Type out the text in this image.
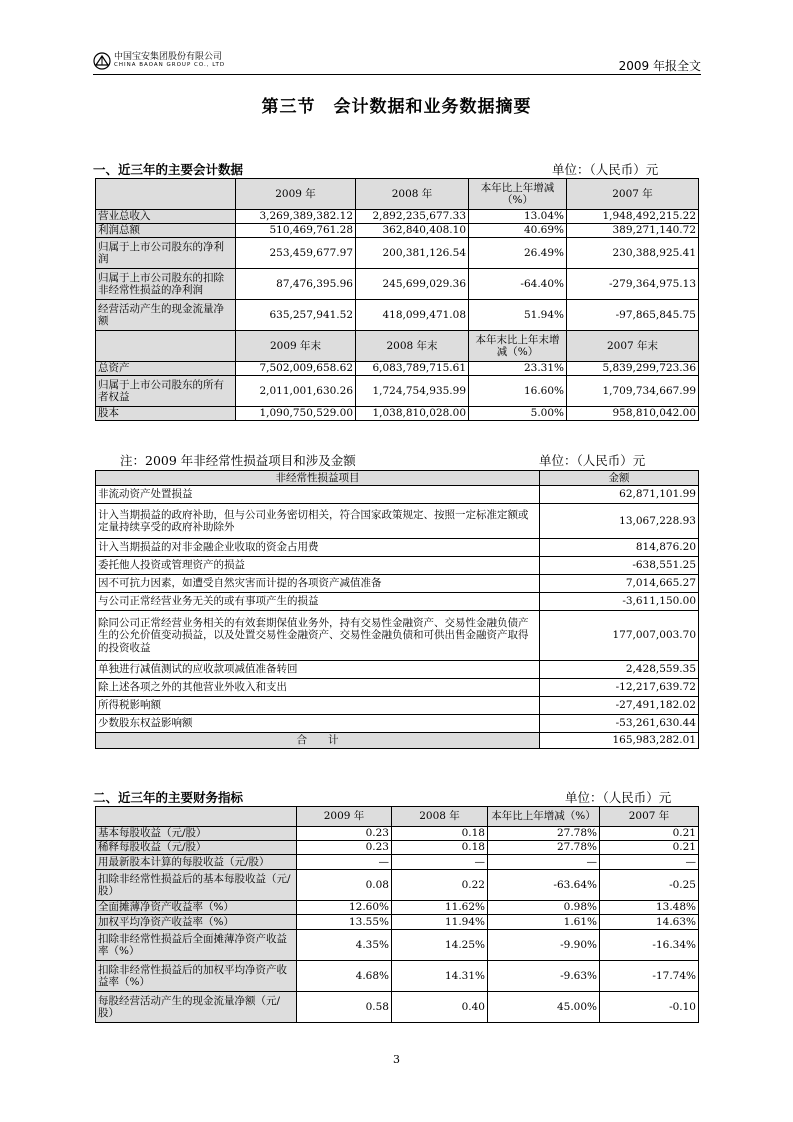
中国宝安集团股份有限公司
CHINA BAOAN GROUP CO., LTD	2009 年报全文
第三节　会计数据和业务数据摘要
一、近三年的主要会计数据	单位：（人民币）元
	2009 年	2008 年	本年比上年增减（%）	2007 年
营业总收入	3,269,389,382.12	2,892,235,677.33	13.04%	1,948,492,215.22
利润总额	510,469,761.28	362,840,408.10	40.69%	389,271,140.72
归属于上市公司股东的净利润	253,459,677.97	200,381,126.54	26.49%	230,388,925.41
归属于上市公司股东的扣除非经常性损益的净利润	87,476,395.96	245,699,029.36	-64.40%	-279,364,975.13
经营活动产生的现金流量净额	635,257,941.52	418,099,471.08	51.94%	-97,865,845.75
	2009 年末	2008 年末	本年末比上年末增减（%）	2007 年末
总资产	7,502,009,658.62	6,083,789,715.61	23.31%	5,839,299,723.36
归属于上市公司股东的所有者权益	2,011,001,630.26	1,724,754,935.99	16.60%	1,709,734,667.99
股本	1,090,750,529.00	1,038,810,028.00	5.00%	958,810,042.00
注：2009 年非经常性损益项目和涉及金额	单位：（人民币）元
非经常性损益项目	金额
非流动资产处置损益	62,871,101.99
计入当期损益的政府补助，但与公司业务密切相关，符合国家政策规定、按照一定标准定额或定量持续享受的政府补助除外	13,067,228.93
计入当期损益的对非金融企业收取的资金占用费	814,876.20
委托他人投资或管理资产的损益	-638,551.25
因不可抗力因素，如遭受自然灾害而计提的各项资产减值准备	7,014,665.27
与公司正常经营业务无关的或有事项产生的损益	-3,611,150.00
除同公司正常经营业务相关的有效套期保值业务外，持有交易性金融资产、交易性金融负债产生的公允价值变动损益，以及处置交易性金融资产、交易性金融负债和可供出售金融资产取得的投资收益	177,007,003.70
单独进行减值测试的应收款项减值准备转回	2,428,559.35
除上述各项之外的其他营业外收入和支出	-12,217,639.72
所得税影响额	-27,491,182.02
少数股东权益影响额	-53,261,630.44
合　　计	165,983,282.01
二、近三年的主要财务指标	单位：（人民币）元
	2009 年	2008 年	本年比上年增减（%）	2007 年
基本每股收益（元/股）	0.23	0.18	27.78%	0.21
稀释每股收益（元/股）	0.23	0.18	27.78%	0.21
用最新股本计算的每股收益（元/股）	—	—	—	—
扣除非经常性损益后的基本每股收益（元/股）	0.08	0.22	-63.64%	-0.25
全面摊薄净资产收益率（%）	12.60%	11.62%	0.98%	13.48%
加权平均净资产收益率（%）	13.55%	11.94%	1.61%	14.63%
扣除非经常性损益后全面摊薄净资产收益率（%）	4.35%	14.25%	-9.90%	-16.34%
扣除非经常性损益后的加权平均净资产收益率（%）	4.68%	14.31%	-9.63%	-17.74%
每股经营活动产生的现金流量净额（元/股）	0.58	0.40	45.00%	-0.10
3
